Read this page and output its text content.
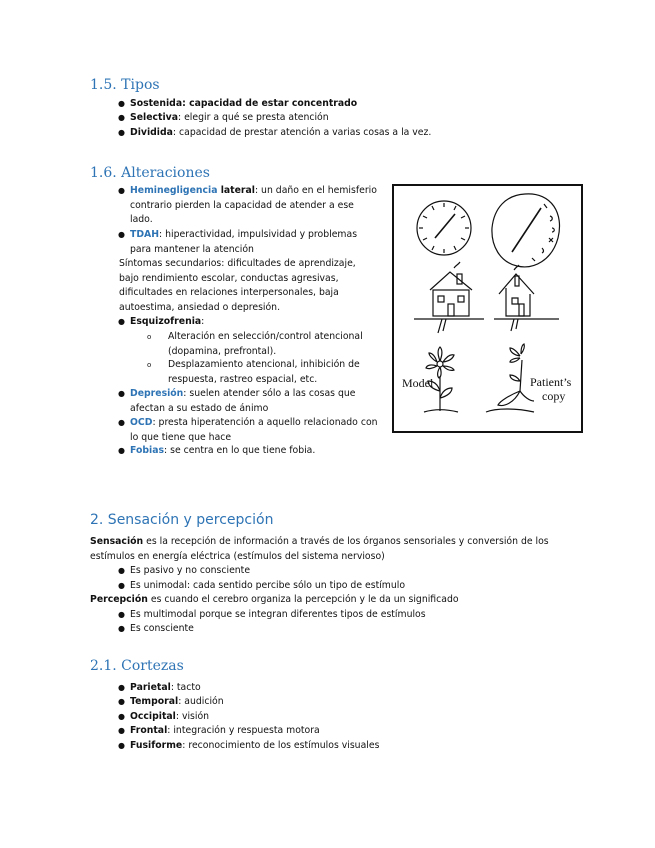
1.5. Tipos
● Sostenida: capacidad de estar concentrado
● Selectiva: elegir a qué se presta atención
● Dividida: capacidad de prestar atención a varias cosas a la vez.
1.6. Alteraciones
● Heminegligencia lateral: un daño en el hemisferio
contrario pierden la capacidad de atender a ese
lado.
● TDAH: hiperactividad, impulsividad y problemas
para mantener la atención
Síntomas secundarios: dificultades de aprendizaje,
bajo rendimiento escolar, conductas agresivas,
dificultades en relaciones interpersonales, baja
autoestima, ansiedad o depresión.
● Esquizofrenia:
o Alteración en selección/control atencional
(dopamina, prefrontal).
o Desplazamiento atencional, inhibición de
respuesta, rastreo espacial, etc.
● Depresión: suelen atender sólo a las cosas que
afectan a su estado de ánimo
● OCD: presta hiperatención a aquello relacionado con
lo que tiene que hace
● Fobias: se centra en lo que tiene fobia.
Model	Patient’s
copy
2. Sensación y percepción
Sensación es la recepción de información a través de los órganos sensoriales y conversión de los
estímulos en energía eléctrica (estímulos del sistema nervioso)
● Es pasivo y no consciente
● Es unimodal: cada sentido percibe sólo un tipo de estímulo
Percepción es cuando el cerebro organiza la percepción y le da un significado
● Es multimodal porque se integran diferentes tipos de estímulos
● Es consciente
2.1. Cortezas
● Parietal: tacto
● Temporal: audición
● Occipital: visión
● Frontal: integración y respuesta motora
● Fusiforme: reconocimiento de los estímulos visuales
